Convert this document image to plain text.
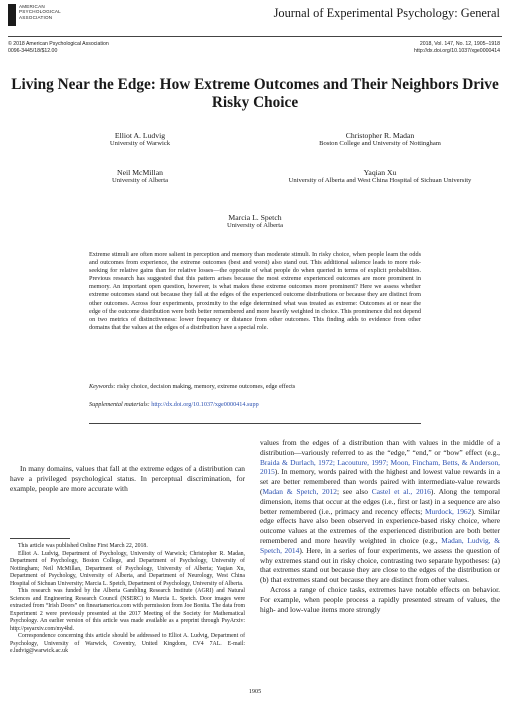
AMERICAN
PSYCHOLOGICAL
ASSOCIATION	Journal of Experimental Psychology: General
© 2018 American Psychological Association
0096-3445/18/$12.00
2018, Vol. 147, No. 12, 1905–1918
http://dx.doi.org/10.1037/xge0000414
Living Near the Edge: How Extreme Outcomes and Their Neighbors Drive Risky Choice
Elliot A. Ludvig
University of Warwick
Christopher R. Madan
Boston College and University of Nottingham
Neil McMillan
University of Alberta
Yaqian Xu
University of Alberta and West China Hospital of Sichuan University
Marcia L. Spetch
University of Alberta

Extreme stimuli are often more salient in perception and memory than moderate stimuli. In risky choice, when people learn the odds and outcomes from experience, the extreme outcomes (best and worst) also stand out. This additional salience leads to more risk-seeking for relative gains than for relative losses—the opposite of what people do when queried in terms of explicit probabilities. Previous research has suggested that this pattern arises because the most extreme experienced outcomes are more prominent in memory. An important open question, however, is what makes these extreme outcomes more prominent? Here we assess whether extreme outcomes stand out because they fall at the edges of the experienced outcome distributions or because they are distinct from other outcomes. Across four experiments, proximity to the edge determined what was treated as extreme: Outcomes at or near the edge of the outcome distribution were both better remembered and more heavily weighted in choice. This prominence did not depend on two metrics of distinctiveness: lower frequency or distance from other outcomes. This finding adds to evidence from other domains that the values at the edges of a distribution have a special role.

Keywords: risky choice, decision making, memory, extreme outcomes, edge effects
Supplemental materials: http://dx.doi.org/10.1037/xge0000414.supp

In many domains, values that fall at the extreme edges of a distribution can have a privileged psychological status. In perceptual discrimination, for example, people are more accurate with

This article was published Online First March 22, 2018.

Elliot A. Ludvig, Department of Psychology, University of Warwick; Christopher R. Madan, Department of Psychology, Boston College, and Department of Psychology, University of Nottingham; Neil McMillan, Department of Psychology, University of Alberta; Yaqian Xu, Department of Psychology, University of Alberta, and Department of Neurology, West China Hospital of Sichuan University; Marcia L. Spetch, Department of Psychology, University of Alberta.

This research was funded by the Alberta Gambling Research Institute (AGRI) and Natural Sciences and Engineering Research Council (NSERC) to Marcia L. Spetch. Door images were extracted from “Irish Doors” on fineartamerica.com with permission from Joe Bonita. The data from Experiment 2 were previously presented at the 2017 Meeting of the Society for Mathematical Psychology. An earlier version of this article was made available as a preprint through PsyArxiv: http://psyarxiv.com/my4hd.

Correspondence concerning this article should be addressed to Elliot A. Ludvig, Department of Psychology, University of Warwick, Coventry, United Kingdom, CV4 7AL. E-mail: e.ludvig@warwick.ac.uk

values from the edges of a distribution than with values in the middle of a distribution—variously referred to as the “edge,” “end,” or “bow” effect (e.g., Braida & Durlach, 1972; Lacouture, 1997; Moon, Fincham, Betts, & Anderson, 2015). In memory, words paired with the highest and lowest value rewards in a set are better remembered than words paired with intermediate-value rewards (Madan & Spetch, 2012; see also Castel et al., 2016). Along the temporal dimension, items that occur at the edges (i.e., first or last) in a sequence are also better remembered (i.e., primacy and recency effects; Murdock, 1962). Similar edge effects have also been observed in experience-based risky choice, where outcome values at the extremes of the experienced distribution are both better remembered and more heavily weighted in choice (e.g., Madan, Ludvig, & Spetch, 2014). Here, in a series of four experiments, we assess the question of why extremes stand out in risky choice, contrasting two separate hypotheses: (a) that extremes stand out because they are close to the edges of the distribution or (b) that extremes stand out because they are distinct from other values.

Across a range of choice tasks, extremes have notable effects on behavior. For example, when people process a rapidly presented stream of values, the high- and low-value items more strongly

1905
